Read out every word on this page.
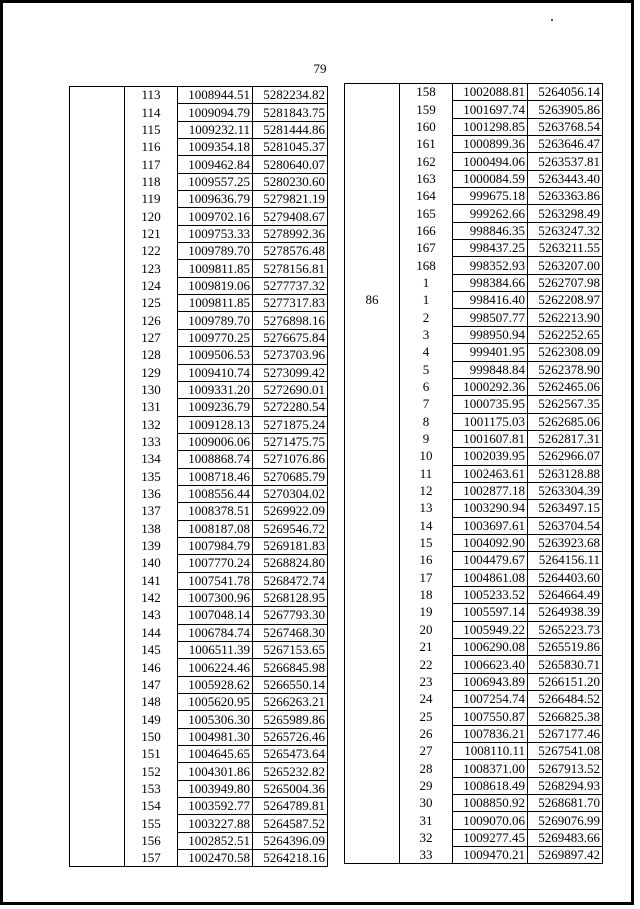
79
	113	1008944.51	5282234.82
	114	1009094.79	5281843.75
	115	1009232.11	5281444.86
	116	1009354.18	5281045.37
	117	1009462.84	5280640.07
	118	1009557.25	5280230.60
	119	1009636.79	5279821.19
	120	1009702.16	5279408.67
	121	1009753.33	5278992.36
	122	1009789.70	5278576.48
	123	1009811.85	5278156.81
	124	1009819.06	5277737.32
	125	1009811.85	5277317.83
	126	1009789.70	5276898.16
	127	1009770.25	5276675.84
	128	1009506.53	5273703.96
	129	1009410.74	5273099.42
	130	1009331.20	5272690.01
	131	1009236.79	5272280.54
	132	1009128.13	5271875.24
	133	1009006.06	5271475.75
	134	1008868.74	5271076.86
	135	1008718.46	5270685.79
	136	1008556.44	5270304.02
	137	1008378.51	5269922.09
	138	1008187.08	5269546.72
	139	1007984.79	5269181.83
	140	1007770.24	5268824.80
	141	1007541.78	5268472.74
	142	1007300.96	5268128.95
	143	1007048.14	5267793.30
	144	1006784.74	5267468.30
	145	1006511.39	5267153.65
	146	1006224.46	5266845.98
	147	1005928.62	5266550.14
	148	1005620.95	5266263.21
	149	1005306.30	5265989.86
	150	1004981.30	5265726.46
	151	1004645.65	5265473.64
	152	1004301.86	5265232.82
	153	1003949.80	5265004.36
	154	1003592.77	5264789.81
	155	1003227.88	5264587.52
	156	1002852.51	5264396.09
	157	1002470.58	5264218.16
	158	1002088.81	5264056.14
	159	1001697.74	5263905.86
	160	1001298.85	5263768.54
	161	1000899.36	5263646.47
	162	1000494.06	5263537.81
	163	1000084.59	5263443.40
	164	999675.18	5263363.86
	165	999262.66	5263298.49
	166	998846.35	5263247.32
	167	998437.25	5263211.55
	168	998352.93	5263207.00
	1	998384.66	5262707.98
86	1	998416.40	5262208.97
	2	998507.77	5262213.90
	3	998950.94	5262252.65
	4	999401.95	5262308.09
	5	999848.84	5262378.90
	6	1000292.36	5262465.06
	7	1000735.95	5262567.35
	8	1001175.03	5262685.06
	9	1001607.81	5262817.31
	10	1002039.95	5262966.07
	11	1002463.61	5263128.88
	12	1002877.18	5263304.39
	13	1003290.94	5263497.15
	14	1003697.61	5263704.54
	15	1004092.90	5263923.68
	16	1004479.67	5264156.11
	17	1004861.08	5264403.60
	18	1005233.52	5264664.49
	19	1005597.14	5264938.39
	20	1005949.22	5265223.73
	21	1006290.08	5265519.86
	22	1006623.40	5265830.71
	23	1006943.89	5266151.20
	24	1007254.74	5266484.52
	25	1007550.87	5266825.38
	26	1007836.21	5267177.46
	27	1008110.11	5267541.08
	28	1008371.00	5267913.52
	29	1008618.49	5268294.93
	30	1008850.92	5268681.70
	31	1009070.06	5269076.99
	32	1009277.45	5269483.66
	33	1009470.21	5269897.42
